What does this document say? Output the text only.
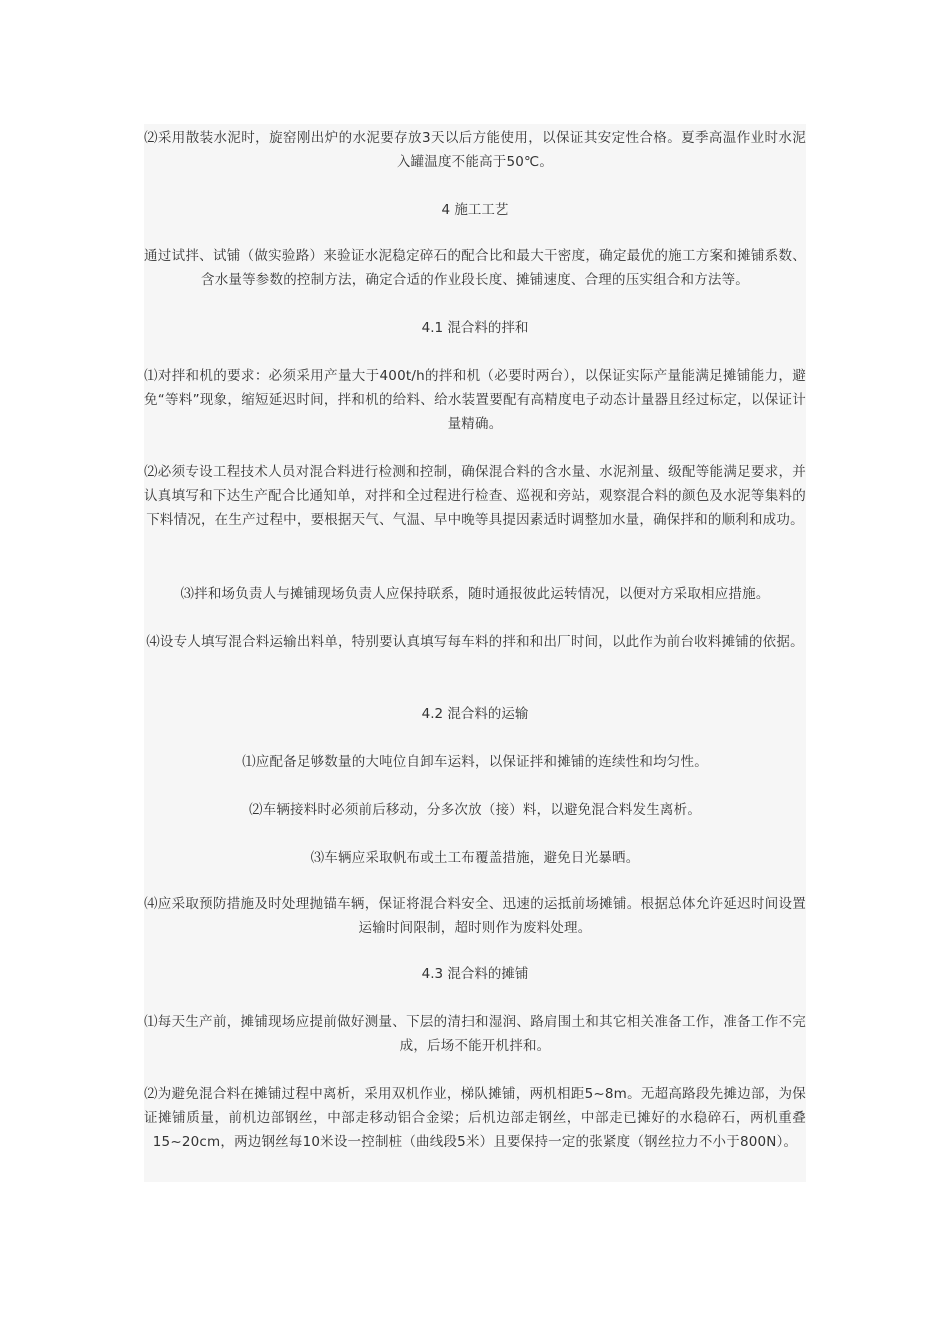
⑵采用散装水泥时，旋窑刚出炉的水泥要存放3天以后方能使用，以保证其安定性合格。夏季高温作业时水泥入罐温度不能高于50℃。

4 施工工艺

通过试拌、试铺（做实验路）来验证水泥稳定碎石的配合比和最大干密度，确定最优的施工方案和摊铺系数、含水量等参数的控制方法，确定合适的作业段长度、摊铺速度、合理的压实组合和方法等。

4.1 混合料的拌和

⑴对拌和机的要求：必须采用产量大于400t/h的拌和机（必要时两台），以保证实际产量能满足摊铺能力，避免“等料”现象，缩短延迟时间，拌和机的给料、给水装置要配有高精度电子动态计量器且经过标定，以保证计量精确。

⑵必须专设工程技术人员对混合料进行检测和控制，确保混合料的含水量、水泥剂量、级配等能满足要求，并认真填写和下达生产配合比通知单，对拌和全过程进行检查、巡视和旁站，观察混合料的颜色及水泥等集料的下料情况，在生产过程中，要根据天气、气温、早中晚等具提因素适时调整加水量，确保拌和的顺利和成功。

⑶拌和场负责人与摊铺现场负责人应保持联系，随时通报彼此运转情况，以便对方采取相应措施。

⑷设专人填写混合料运输出料单，特别要认真填写每车料的拌和和出厂时间，以此作为前台收料摊铺的依据。

4.2 混合料的运输

⑴应配备足够数量的大吨位自卸车运料，以保证拌和摊铺的连续性和均匀性。

⑵车辆接料时必须前后移动，分多次放（接）料，以避免混合料发生离析。

⑶车辆应采取帆布或土工布覆盖措施，避免日光暴晒。

⑷应采取预防措施及时处理抛锚车辆，保证将混合料安全、迅速的运抵前场摊铺。根据总体允许延迟时间设置运输时间限制，超时则作为废料处理。

4.3 混合料的摊铺

⑴每天生产前，摊铺现场应提前做好测量、下层的清扫和湿润、路肩围土和其它相关准备工作，准备工作不完成，后场不能开机拌和。

⑵为避免混合料在摊铺过程中离析，采用双机作业，梯队摊铺，两机相距5~8m。无超高路段先摊边部，为保证摊铺质量，前机边部钢丝，中部走移动铝合金梁；后机边部走钢丝，中部走已摊好的水稳碎石，两机重叠15~20cm，两边钢丝每10米设一控制桩（曲线段5米）且要保持一定的张紧度（钢丝拉力不小于800N）。
